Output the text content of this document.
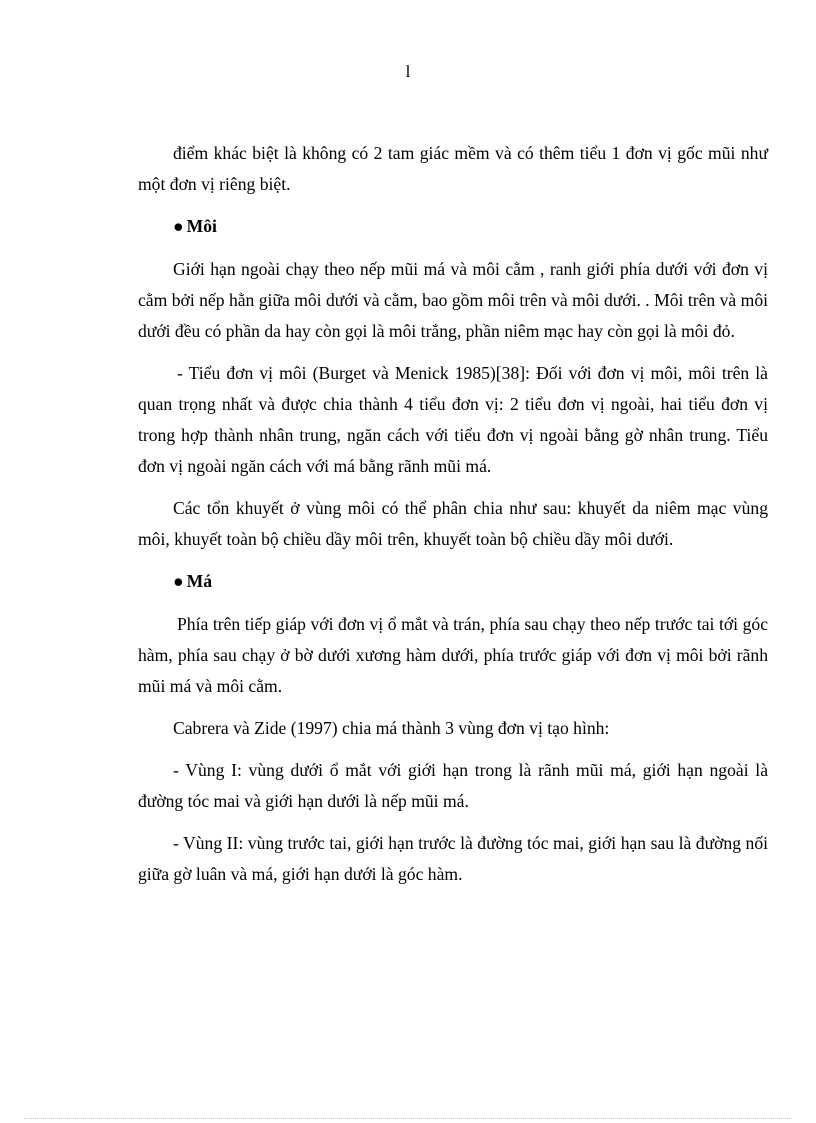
l

điểm khác biệt là không có 2 tam giác mềm và có thêm tiểu 1 đơn vị gốc mũi như một đơn vị riêng biệt.

● Môi

Giới hạn ngoài chạy theo nếp mũi má và môi cằm , ranh giới phía dưới với đơn vị cằm bởi nếp hằn giữa môi dưới và cằm, bao gồm môi trên và môi dưới. . Môi trên và môi dưới đều có phần da hay còn gọi là môi trắng, phần niêm mạc hay còn gọi là môi đỏ.

- Tiểu đơn vị môi (Burget và Menick 1985)[38]: Đối với đơn vị môi, môi trên là quan trọng nhất và được chia thành 4 tiểu đơn vị: 2 tiểu đơn vị ngoài, hai tiểu đơn vị trong hợp thành nhân trung, ngăn cách với tiểu đơn vị ngoài bằng gờ nhân trung. Tiểu đơn vị ngoài ngăn cách với má bằng rãnh mũi má.

Các tổn khuyết ở vùng môi có thể phân chia như sau: khuyết da niêm mạc vùng môi, khuyết toàn bộ chiều dầy môi trên, khuyết toàn bộ chiều dầy môi dưới.

● Má

Phía trên tiếp giáp với đơn vị ổ mắt và trán, phía sau chạy theo nếp trước tai tới góc hàm, phía sau chạy ở bờ dưới xương hàm dưới, phía trước giáp với đơn vị môi bởi rãnh mũi má và môi cằm.

Cabrera và Zide (1997) chia má thành 3 vùng đơn vị tạo hình:

- Vùng I: vùng dưới ổ mắt với giới hạn trong là rãnh mũi má, giới hạn ngoài là đường tóc mai và giới hạn dưới là nếp mũi má.

- Vùng II: vùng trước tai, giới hạn trước là đường tóc mai, giới hạn sau là đường nối giữa gờ luân và má, giới hạn dưới là góc hàm.
